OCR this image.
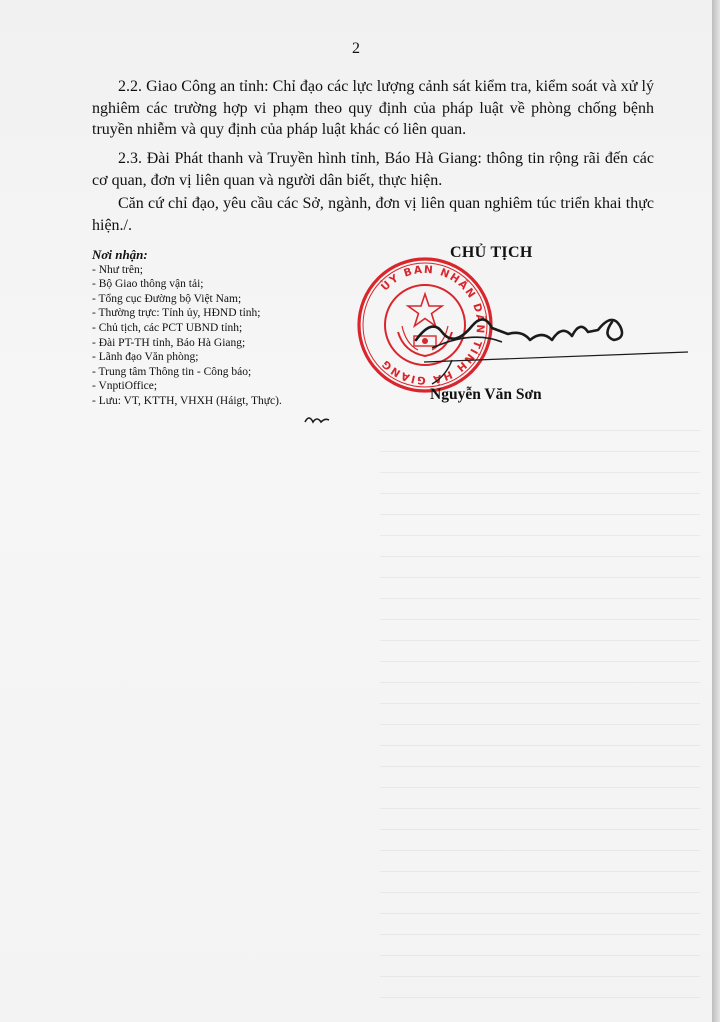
2

2.2. Giao Công an tỉnh: Chỉ đạo các lực lượng cảnh sát kiểm tra, kiểm soát và xử lý nghiêm các trường hợp vi phạm theo quy định của pháp luật về phòng chống bệnh truyền nhiễm và quy định của pháp luật khác có liên quan.

2.3. Đài Phát thanh và Truyền hình tỉnh, Báo Hà Giang: thông tin rộng rãi đến các cơ quan, đơn vị liên quan và người dân biết, thực hiện.

Căn cứ chỉ đạo, yêu cầu các Sở, ngành, đơn vị liên quan nghiêm túc triển khai thực hiện./.

Nơi nhận:
- Như trên;
- Bộ Giao thông vận tải;
- Tổng cục Đường bộ Việt Nam;
- Thường trực: Tỉnh ủy, HĐND tỉnh;
- Chủ tịch, các PCT UBND tỉnh;
- Đài PT-TH tỉnh, Báo Hà Giang;
- Lãnh đạo Văn phòng;
- Trung tâm Thông tin - Công báo;
- VnptiOffice;
- Lưu: VT, KTTH, VHXH (Háigt, Thực).
CHỦ TỊCH
ỦY BAN NHÂN DÂN TỈNH HÀ GIANG
Nguyễn Văn Sơn
